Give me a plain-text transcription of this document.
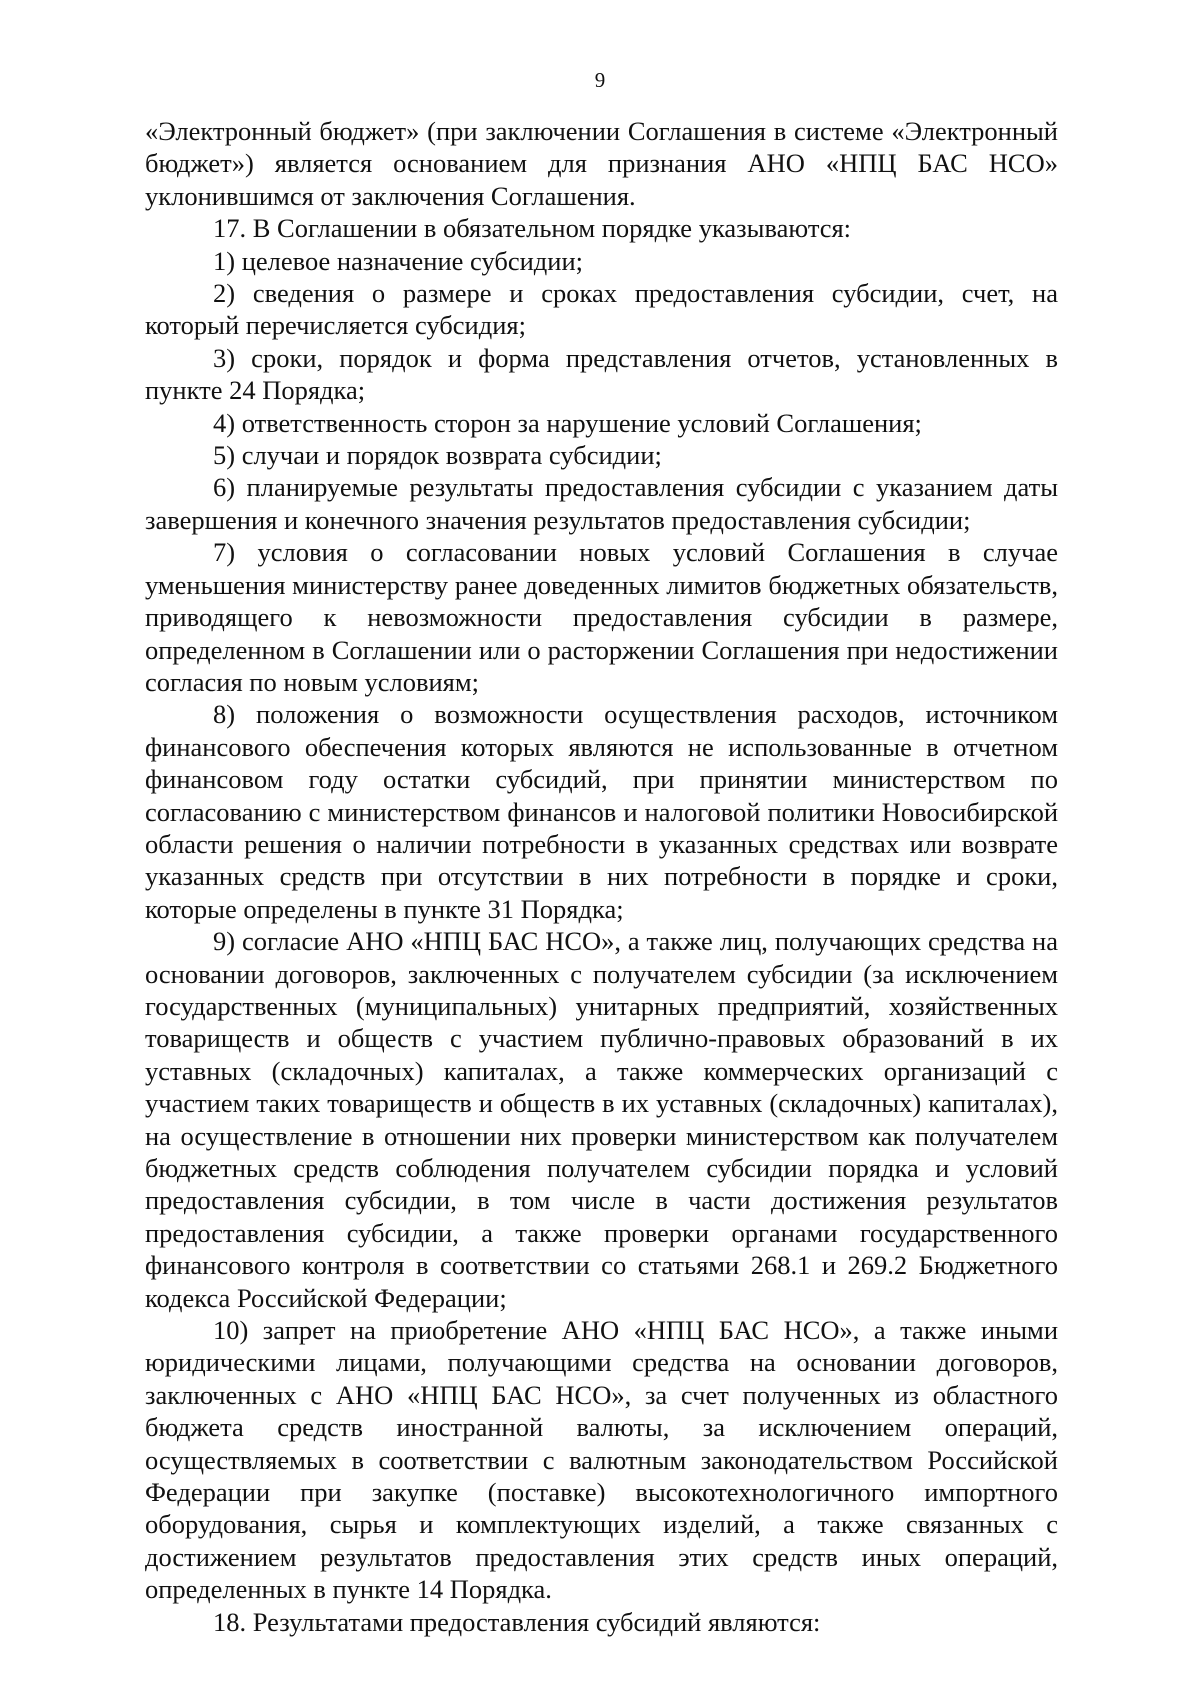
9

«Электронный бюджет» (при заключении Соглашения в системе «Электронный бюджет») является основанием для признания АНО «НПЦ БАС НСО» уклонившимся от заключения Соглашения.

17. В Соглашении в обязательном порядке указываются:

1) целевое назначение субсидии;

2) сведения о размере и сроках предоставления субсидии, счет, на который перечисляется субсидия;

3) сроки, порядок и форма представления отчетов, установленных в пункте 24 Порядка;

4) ответственность сторон за нарушение условий Соглашения;

5) случаи и порядок возврата субсидии;

6) планируемые результаты предоставления субсидии с указанием даты завершения и конечного значения результатов предоставления субсидии;

7) условия о согласовании новых условий Соглашения в случае уменьшения министерству ранее доведенных лимитов бюджетных обязательств, приводящего к невозможности предоставления субсидии в размере, определенном в Соглашении или о расторжении Соглашения при недостижении согласия по новым условиям;

8) положения о возможности осуществления расходов, источником финансового обеспечения которых являются не использованные в отчетном финансовом году остатки субсидий, при принятии министерством по согласованию с министерством финансов и налоговой политики Новосибирской области решения о наличии потребности в указанных средствах или возврате указанных средств при отсутствии в них потребности в порядке и сроки, которые определены в пункте 31 Порядка;

9) согласие АНО «НПЦ БАС НСО», а также лиц, получающих средства на основании договоров, заключенных с получателем субсидии (за исключением государственных (муниципальных) унитарных предприятий, хозяйственных товариществ и обществ с участием публично-правовых образований в их уставных (складочных) капиталах, а также коммерческих организаций с участием таких товариществ и обществ в их уставных (складочных) капиталах), на осуществление в отношении них проверки министерством как получателем бюджетных средств соблюдения получателем субсидии порядка и условий предоставления субсидии, в том числе в части достижения результатов предоставления субсидии, а также проверки органами государственного финансового контроля в соответствии со статьями 268.1 и 269.2 Бюджетного кодекса Российской Федерации;

10) запрет на приобретение АНО «НПЦ БАС НСО», а также иными юридическими лицами, получающими средства на основании договоров, заключенных с АНО «НПЦ БАС НСО», за счет полученных из областного бюджета средств иностранной валюты, за исключением операций, осуществляемых в соответствии с валютным законодательством Российской Федерации при закупке (поставке) высокотехнологичного импортного оборудования, сырья и комплектующих изделий, а также связанных с достижением результатов предоставления этих средств иных операций, определенных в пункте 14 Порядка.

18. Результатами предоставления субсидий являются:
